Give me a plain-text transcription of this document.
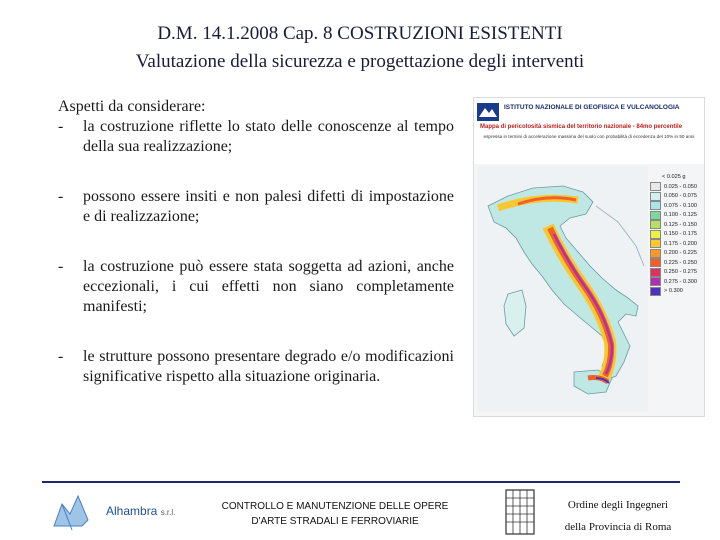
D.M. 14.1.2008 Cap. 8 COSTRUZIONI ESISTENTI
Valutazione della sicurezza e progettazione degli interventi
Aspetti da considerare:
-	la costruzione riflette lo stato delle conoscenze al tempo della sua realizzazione;
-	possono essere insiti e non palesi difetti di impostazione e di realizzazione;
-	la costruzione può essere stata soggetta ad azioni, anche eccezionali, i cui effetti non siano completamente manifesti;
-	le strutture possono presentare degrado e/o modificazioni significative rispetto alla situazione originaria.
ISTITUTO NAZIONALE DI GEOFISICA E VULCANOLOGIA
Mappa di pericolosità sismica del territorio nazionale - 84mo percentile
espressa in termini di accelerazione massima del suolo con probabilità di eccedenza del 10% in 50 anni
< 0.025 g
0.025 - 0.050
0.050 - 0.075
0.075 - 0.100
0.100 - 0.125
0.125 - 0.150
0.150 - 0.175
0.175 - 0.200
0.200 - 0.225
0.225 - 0.250
0.250 - 0.275
0.275 - 0.300
> 0.300
Alhambra s.r.l.
CONTROLLO E MANUTENZIONE DELLE OPERE
D'ARTE STRADALI E FERROVIARIE
Ordine degli Ingegneri
della Provincia di Roma
